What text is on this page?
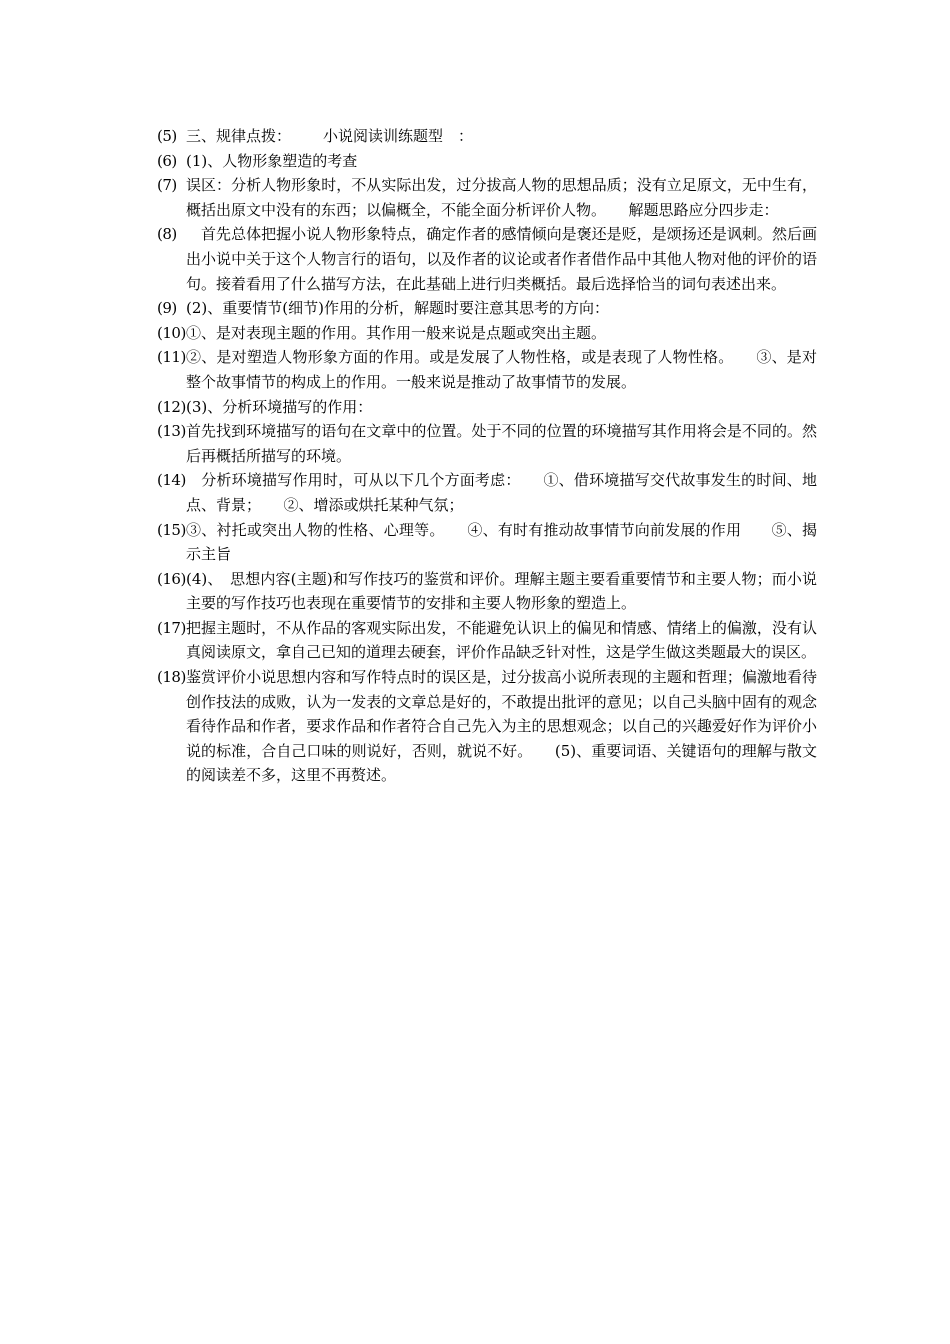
(5) 三、规律点拨：　　  小说阅读训练题型　：
(6) (1)、人物形象塑造的考查
(7) 误区：分析人物形象时，不从实际出发，过分拔高人物的思想品质；没有立足原文，无中生有，概括出原文中没有的东西；以偏概全，不能全面分析评价人物。　　解题思路应分四步走：
(8) 　首先总体把握小说人物形象特点，确定作者的感情倾向是褒还是贬，是颂扬还是讽刺。然后画出小说中关于这个人物言行的语句，以及作者的议论或者作者借作品中其他人物对他的评价的语句。接着看用了什么描写方法，在此基础上进行归类概括。最后选择恰当的词句表述出来。
(9) (2)、重要情节(细节)作用的分析，解题时要注意其思考的方向：
(10) ①、是对表现主题的作用。其作用一般来说是点题或突出主题。
(11) ②、是对塑造人物形象方面的作用。或是发展了人物性格，或是表现了人物性格。　　③、是对整个故事情节的构成上的作用。一般来说是推动了故事情节的发展。
(12) (3)、分析环境描写的作用：
(13) 首先找到环境描写的语句在文章中的位置。处于不同的位置的环境描写其作用将会是不同的。然后再概括所描写的环境。
(14) 　分析环境描写作用时，可从以下几个方面考虑：　　①、借环境描写交代故事发生的时间、地点、背景；　　②、增添或烘托某种气氛；
(15) ③、衬托或突出人物的性格、心理等。　　④、有时有推动故事情节向前发展的作用　　⑤、揭示主旨
(16) (4)、　思想内容(主题)和写作技巧的鉴赏和评价。理解主题主要看重要情节和主要人物；而小说主要的写作技巧也表现在重要情节的安排和主要人物形象的塑造上。
(17) 把握主题时，不从作品的客观实际出发，不能避免认识上的偏见和情感、情绪上的偏激，没有认真阅读原文，拿自己已知的道理去硬套，评价作品缺乏针对性，这是学生做这类题最大的误区。
(18) 鉴赏评价小说思想内容和写作特点时的误区是，过分拔高小说所表现的主题和哲理；偏激地看待创作技法的成败，认为一发表的文章总是好的，不敢提出批评的意见；以自己头脑中固有的观念看待作品和作者，要求作品和作者符合自己先入为主的思想观念；以自己的兴趣爱好作为评价小说的标准，合自己口味的则说好，否则，就说不好。　　(5)、重要词语、关键语句的理解与散文的阅读差不多，这里不再赘述。
